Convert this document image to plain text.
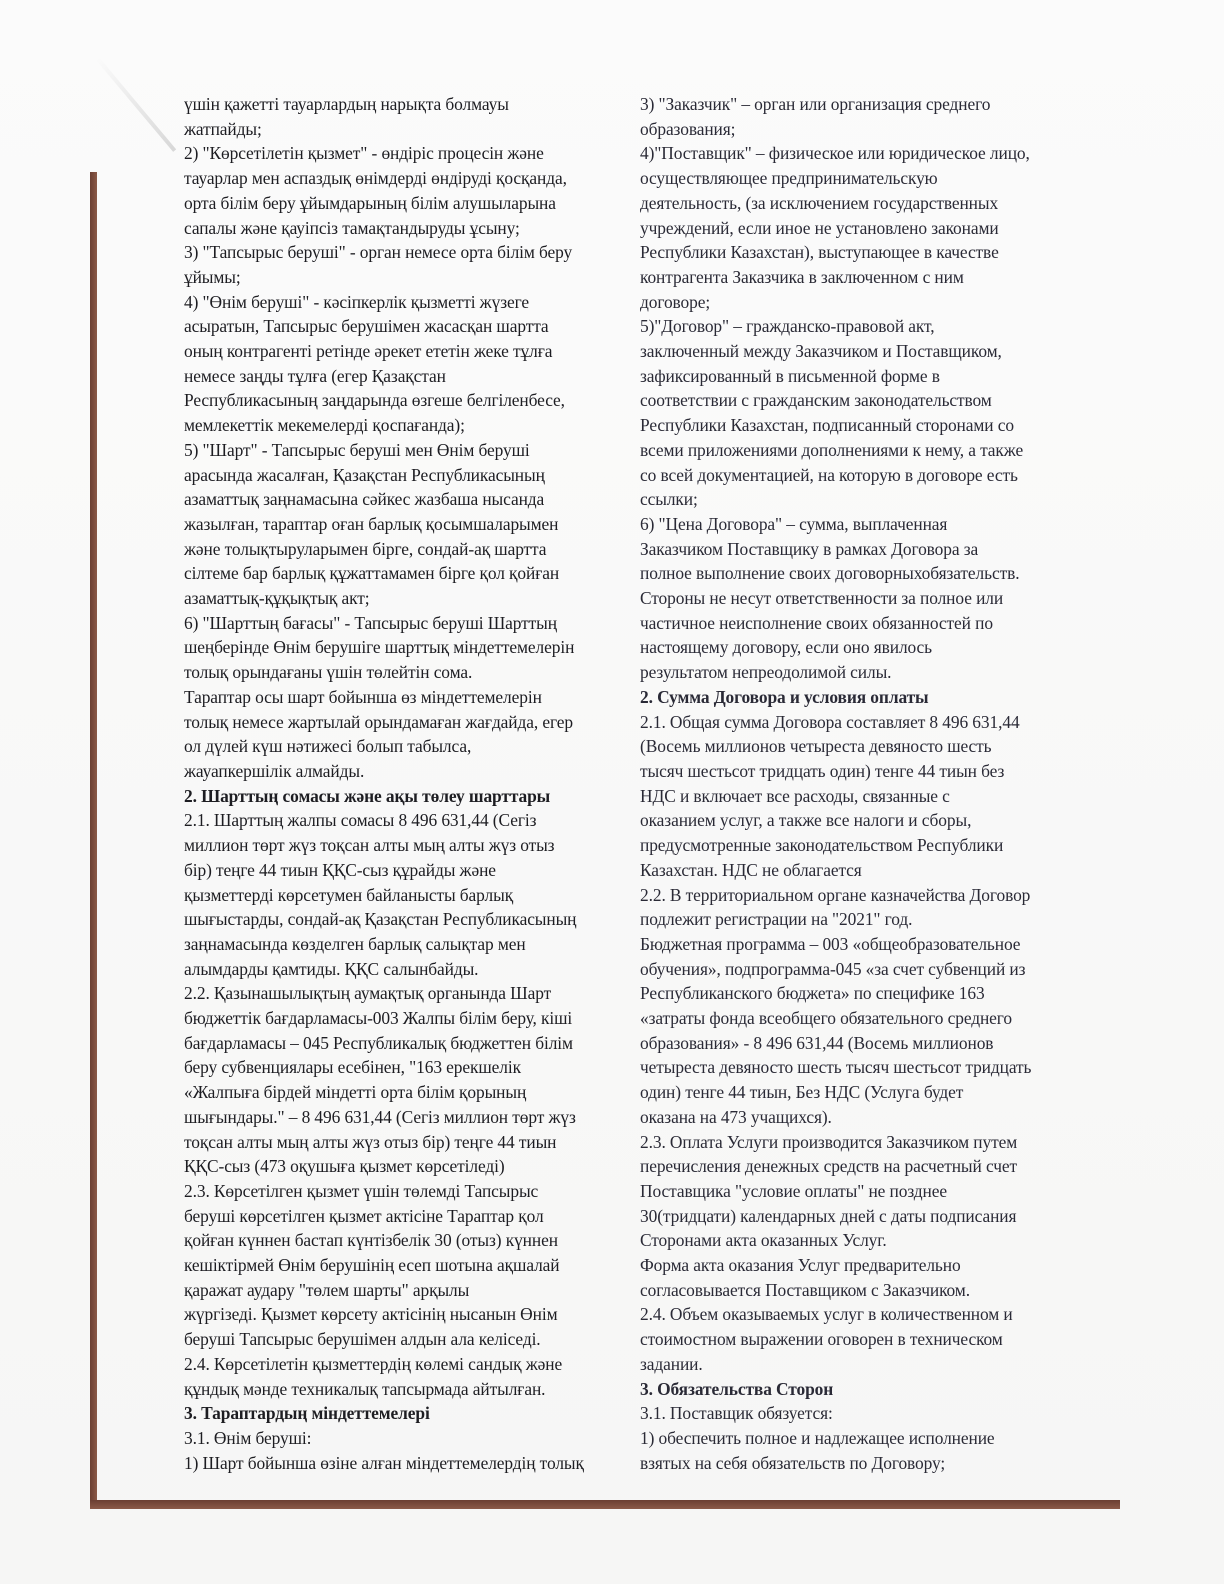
үшін қажетті тауарлардың нарықта болмауы
жатпайды;
2) "Көрсетілетін қызмет" - өндіріс процесін және
тауарлар мен аспаздық өнімдерді өндіруді қосқанда,
орта білім беру ұйымдарының білім алушыларына
сапалы және қауіпсіз тамақтандыруды ұсыну;
3) "Тапсырыс беруші" - орган немесе орта білім беру
ұйымы;
4) "Өнім беруші" - кәсіпкерлік қызметті жүзеге
асыратын, Тапсырыс берушімен жасасқан шартта
оның контрагенті ретінде әрекет ететін жеке тұлға
немесе заңды тұлға (егер Қазақстан
Республикасының заңдарында өзгеше белгіленбесе,
мемлекеттік мекемелерді қоспағанда);
5) "Шарт" - Тапсырыс беруші мен Өнім беруші
арасында жасалған, Қазақстан Республикасының
азаматтық заңнамасына сәйкес жазбаша нысанда
жазылған, тараптар оған барлық қосымшаларымен
және толықтыруларымен бірге, сондай-ақ шартта
сілтеме бар барлық құжаттамамен бірге қол қойған
азаматтық-құқықтық акт;
6) "Шарттың бағасы" - Тапсырыс беруші Шарттың
шеңберінде Өнім берушіге шарттық міндеттемелерін
толық орындағаны үшін төлейтін сома.
Тараптар осы шарт бойынша өз міндеттемелерін
толық немесе жартылай орындамаған жағдайда, егер
ол дүлей күш нәтижесі болып табылса,
жауапкершілік алмайды.
2. Шарттың сомасы және ақы төлеу шарттары
2.1. Шарттың жалпы сомасы 8 496 631,44 (Сегіз
миллион төрт жүз тоқсан алты мың алты жүз отыз
бір) теңге 44 тиын ҚҚС-сыз құрайды және
қызметтерді көрсетумен байланысты барлық
шығыстарды, сондай-ақ Қазақстан Республикасының
заңнамасында көзделген барлық салықтар мен
алымдарды қамтиды. ҚҚС салынбайды.
2.2. Қазынашылықтың аумақтық органында Шарт
бюджеттік бағдарламасы-003 Жалпы білім беру, кіші
бағдарламасы – 045 Республикалық бюджеттен білім
беру субвенциялары есебінен, "163 ерекшелік
«Жалпыға бірдей міндетті орта білім қорының
шығындары." – 8 496 631,44 (Сегіз миллион төрт жүз
тоқсан алты мың алты жүз отыз бір) теңге 44 тиын
ҚҚС-сыз (473 оқушыға қызмет көрсетіледі)
2.3. Көрсетілген қызмет үшін төлемді Тапсырыс
беруші көрсетілген қызмет актісіне Тараптар қол
қойған күннен бастап күнтізбелік 30 (отыз) күннен
кешіктірмей Өнім берушінің есеп шотына ақшалай
қаражат аудару "төлем шарты" арқылы
жүргізеді. Қызмет көрсету актісінің нысанын Өнім
беруші Тапсырыс берушімен алдын ала келіседі.
2.4. Көрсетілетін қызметтердің көлемі сандық және
құндық мәнде техникалық тапсырмада айтылған.
3. Тараптардың міндеттемелері
3.1. Өнім беруші:
1) Шарт бойынша өзіне алған міндеттемелердің толық
3) "Заказчик" – орган или организация среднего
образования;
4)"Поставщик" – физическое или юридическое лицо,
осуществляющее предпринимательскую
деятельность, (за исключением государственных
учреждений, если иное не установлено законами
Республики Казахстан), выступающее в качестве
контрагента Заказчика в заключенном с ним
договоре;
5)"Договор" – гражданско-правовой акт,
заключенный между Заказчиком и Поставщиком,
зафиксированный в письменной форме в
соответствии с гражданским законодательством
Республики Казахстан, подписанный сторонами со
всеми приложениями дополнениями к нему, а также
со всей документацией, на которую в договоре есть
ссылки;
6) "Цена Договора" – сумма, выплаченная
Заказчиком Поставщику в рамках Договора за
полное выполнение своих договорныхобязательств.
Стороны не несут ответственности за полное или
частичное неисполнение своих обязанностей по
настоящему договору, если оно явилось
результатом непреодолимой силы.
2. Сумма Договора и условия оплаты
2.1. Общая сумма Договора составляет 8 496 631,44
(Восемь миллионов четыреста девяносто шесть
тысяч шестьсот тридцать один) тенге 44 тиын без
НДС и включает все расходы, связанные с
оказанием услуг, а также все налоги и сборы,
предусмотренные законодательством Республики
Казахстан. НДС не облагается
2.2. В территориальном органе казначейства Договор
подлежит регистрации на "2021" год.
Бюджетная программа – 003 «общеобразовательное
обучения», подпрограмма-045 «за счет субвенций из
Республиканского бюджета» по специфике 163
«затраты фонда всеобщего обязательного среднего
образования» - 8 496 631,44 (Восемь миллионов
четыреста девяносто шесть тысяч шестьсот тридцать
один) тенге 44 тиын, Без НДС (Услуга будет
оказана на 473 учащихся).
2.3. Оплата Услуги производится Заказчиком путем
перечисления денежных средств на расчетный счет
Поставщика "условие оплаты" не позднее
30(тридцати) календарных дней с даты подписания
Сторонами акта оказанных Услуг.
Форма акта оказания Услуг предварительно
согласовывается Поставщиком с Заказчиком.
2.4. Объем оказываемых услуг в количественном и
стоимостном выражении оговорен в техническом
задании.
3. Обязательства Сторон
3.1. Поставщик обязуется:
1) обеспечить полное и надлежащее исполнение
взятых на себя обязательств по Договору;
